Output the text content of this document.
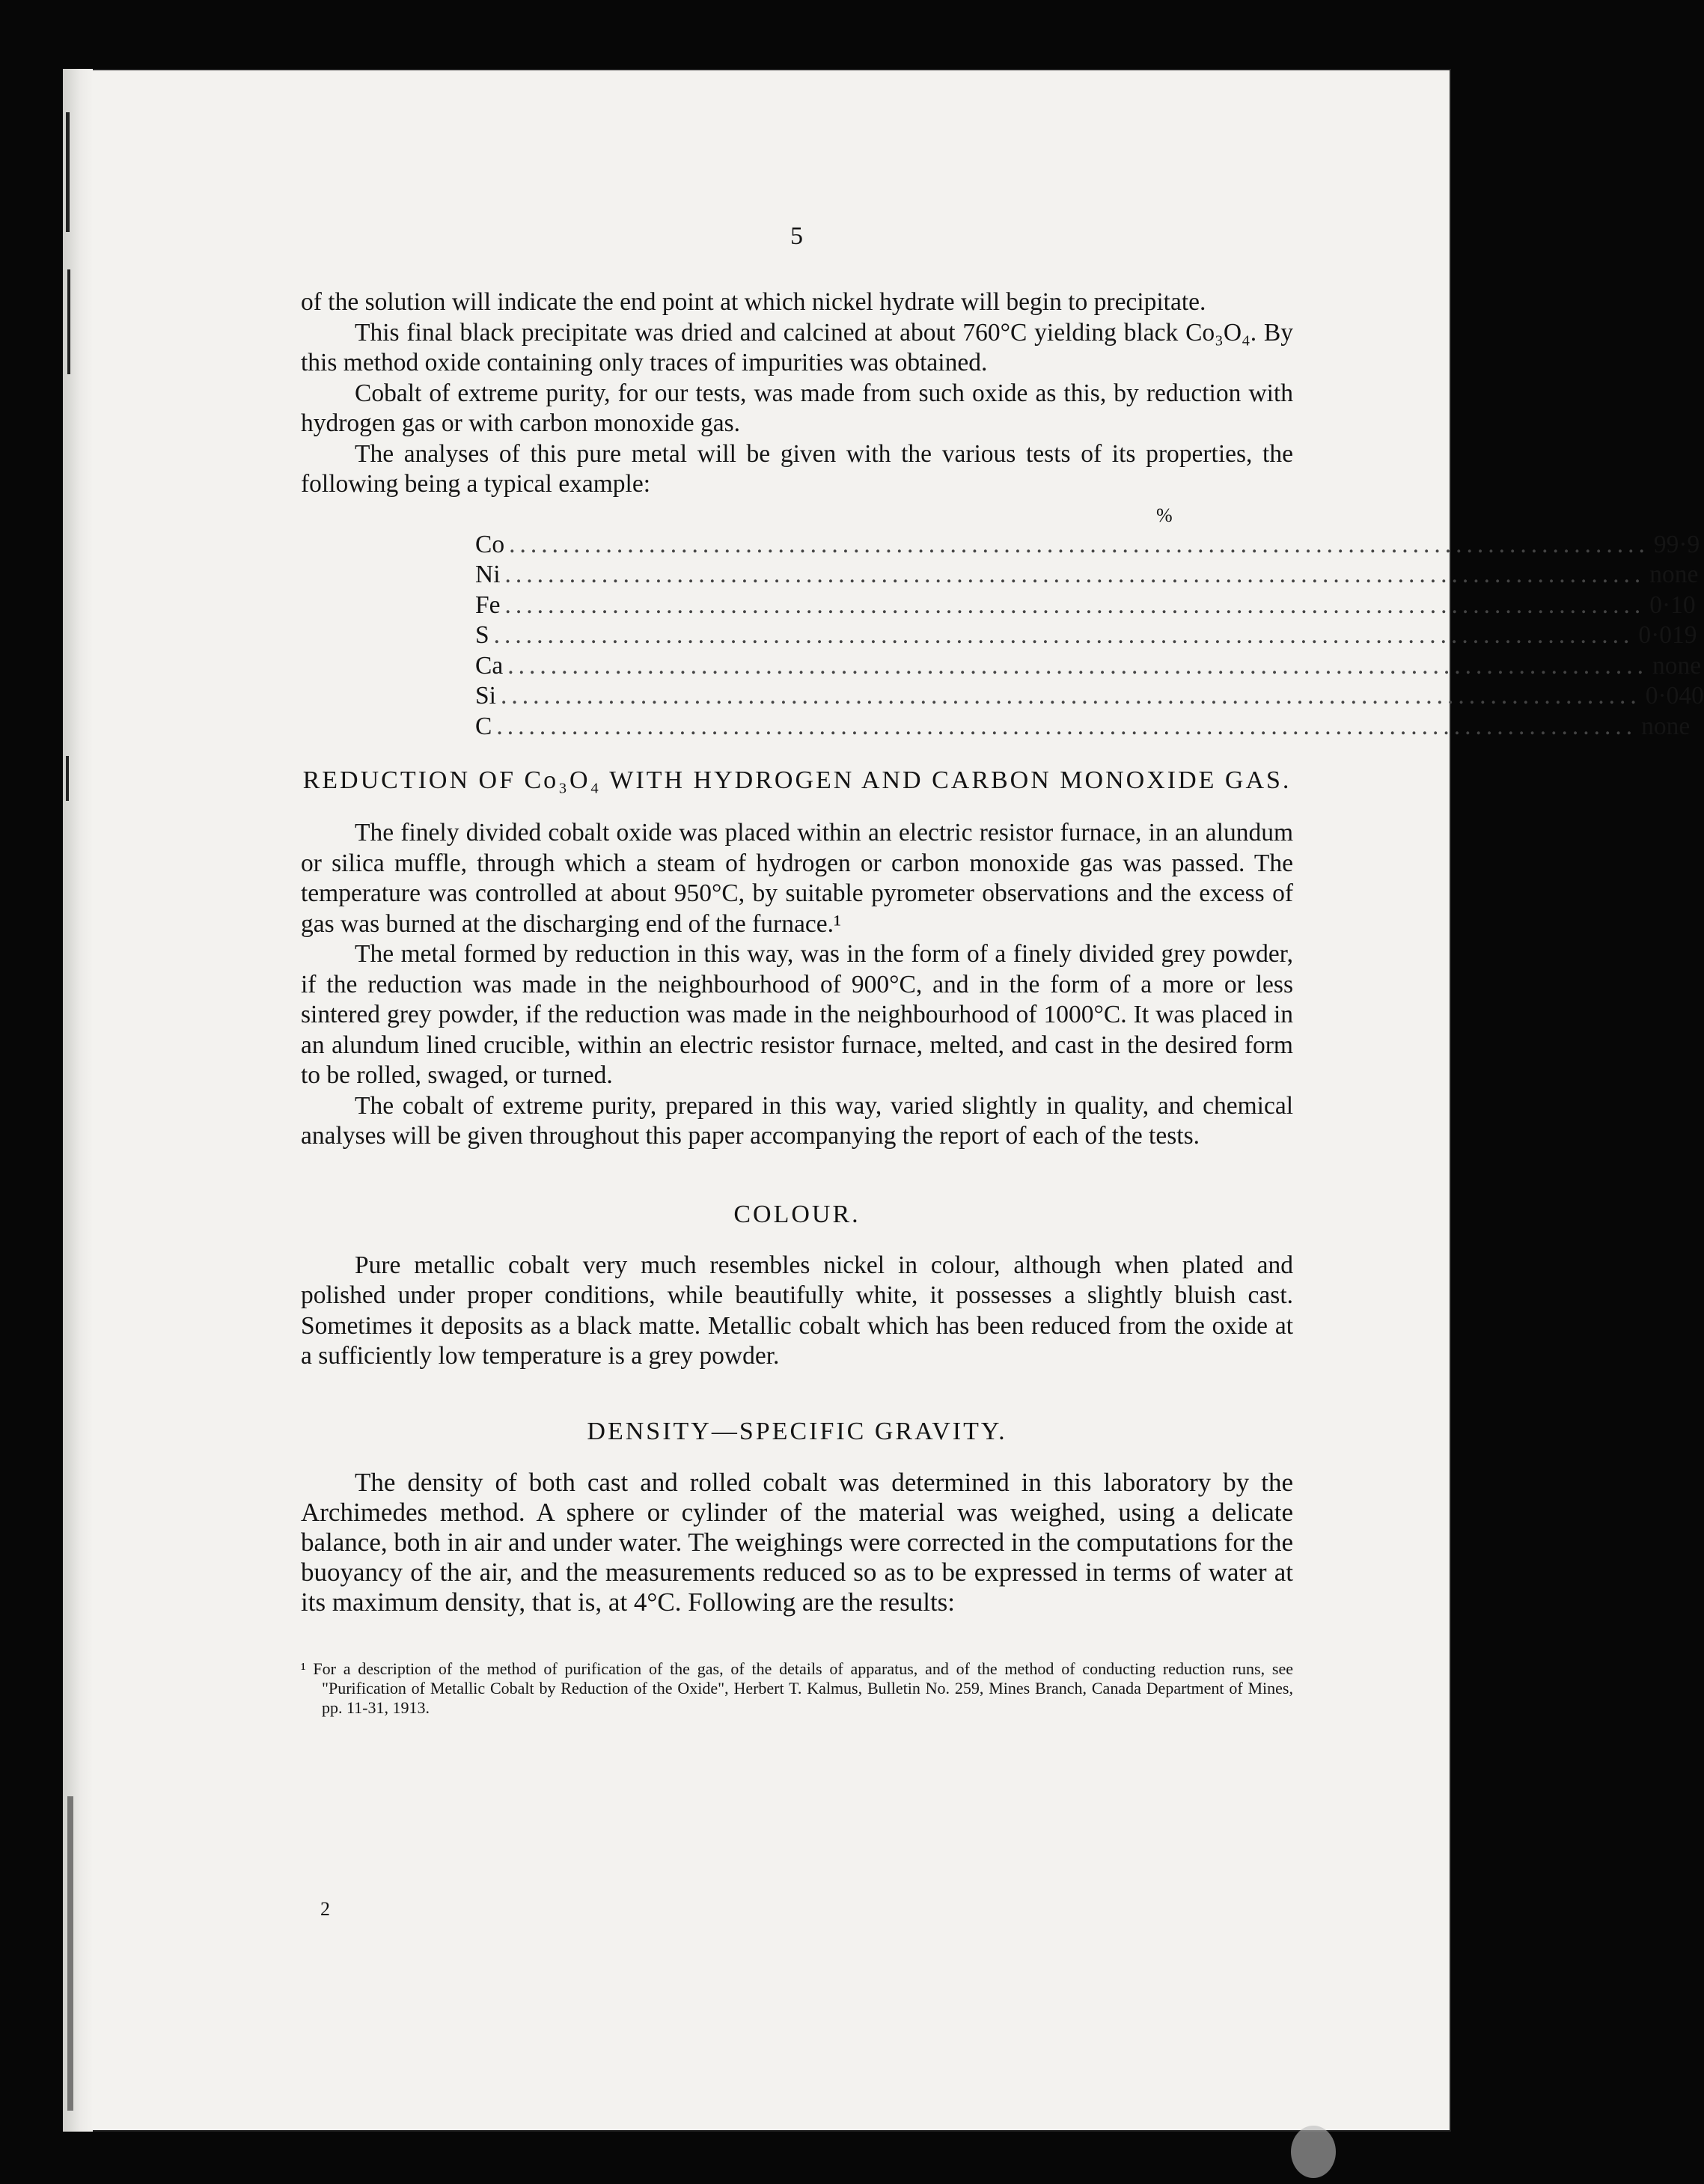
5

of the solution will indicate the end point at which nickel hydrate will begin to precipitate.

This final black precipitate was dried and calcined at about 760°C yielding black Co₃O₄. By this method oxide containing only traces of impurities was obtained.

Cobalt of extreme purity, for our tests, was made from such oxide as this, by reduction with hydrogen gas or with carbon monoxide gas.

The analyses of this pure metal will be given with the various tests of its properties, the following being a typical example:

%
Co .......................................................................................................... 99·9
Ni .......................................................................................................... none
Fe .......................................................................................................... 0·10
S .......................................................................................................... 0·019
Ca .......................................................................................................... none
Si .......................................................................................................... 0·040
C .......................................................................................................... none
REDUCTION OF Co₃O₄ WITH HYDROGEN AND CARBON MONOXIDE GAS.

The finely divided cobalt oxide was placed within an electric resistor furnace, in an alundum or silica muffle, through which a steam of hydrogen or carbon monoxide gas was passed. The temperature was controlled at about 950°C, by suitable pyrometer observations and the excess of gas was burned at the discharging end of the furnace.¹

The metal formed by reduction in this way, was in the form of a finely divided grey powder, if the reduction was made in the neighbourhood of 900°C, and in the form of a more or less sintered grey powder, if the reduction was made in the neighbourhood of 1000°C. It was placed in an alundum lined crucible, within an electric resistor furnace, melted, and cast in the desired form to be rolled, swaged, or turned.

The cobalt of extreme purity, prepared in this way, varied slightly in quality, and chemical analyses will be given throughout this paper accompanying the report of each of the tests.

COLOUR.

Pure metallic cobalt very much resembles nickel in colour, although when plated and polished under proper conditions, while beautifully white, it possesses a slightly bluish cast. Sometimes it deposits as a black matte. Metallic cobalt which has been reduced from the oxide at a sufficiently low temperature is a grey powder.

DENSITY—SPECIFIC GRAVITY.

The density of both cast and rolled cobalt was determined in this laboratory by the Archimedes method. A sphere or cylinder of the material was weighed, using a delicate balance, both in air and under water. The weighings were corrected in the computations for the buoyancy of the air, and the measurements reduced so as to be expressed in terms of water at its maximum density, that is, at 4°C. Following are the results:

¹ For a description of the method of purification of the gas, of the details of apparatus, and of the method of conducting reduction runs, see "Purification of Metallic Cobalt by Reduction of the Oxide", Herbert T. Kalmus, Bulletin No. 259, Mines Branch, Canada Department of Mines, pp. 11-31, 1913.

2
